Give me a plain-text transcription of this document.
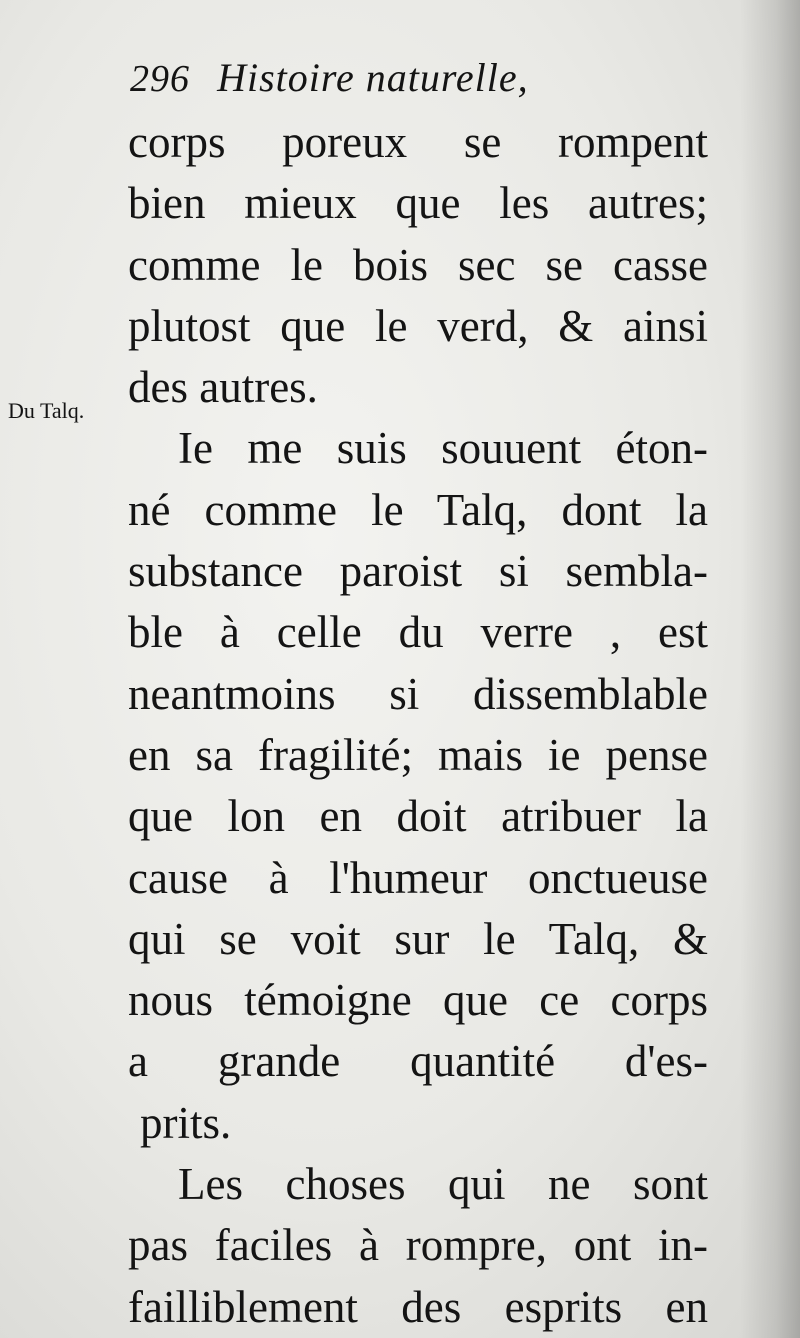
296 Histoire naturelle,
Du Talq.
corps poreux se rompent
bien mieux que les autres;
comme le bois sec se casse
plutost que le verd, & ainsi
des autres.
Ie me suis souuent éton-
né comme le Talq, dont la
substance paroist si sembla-
ble à celle du verre , est
neantmoins si dissemblable
en sa fragilité; mais ie pense
que lon en doit atribuer la
cause à l'humeur onctueuse
qui se voit sur le Talq, &
nous témoigne que ce corps
a grande quantité d'es-
prits.
Les choses qui ne sont
pas faciles à rompre, ont in-
failliblement des esprits en
